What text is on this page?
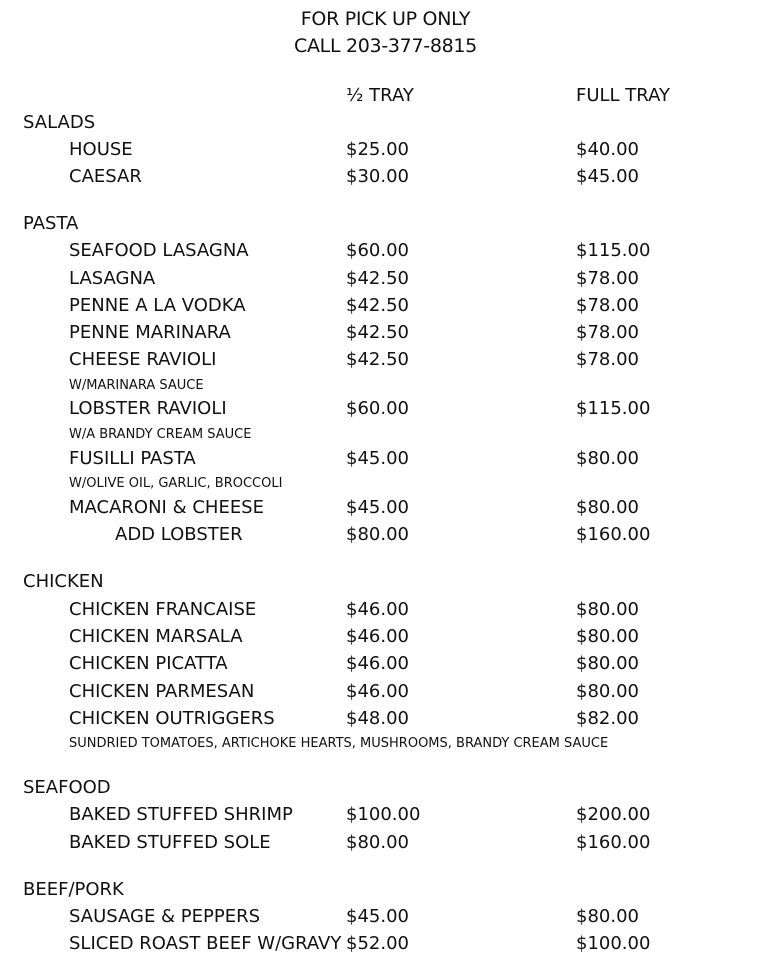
FOR PICK UP ONLY
CALL 203-377-8815
½ TRAY	FULL TRAY
SALADS
HOUSE	$25.00	$40.00
CAESAR	$30.00	$45.00
PASTA
SEAFOOD LASAGNA	$60.00	$115.00
LASAGNA	$42.50	$78.00
PENNE A LA VODKA	$42.50	$78.00
PENNE MARINARA	$42.50	$78.00
CHEESE RAVIOLI	$42.50	$78.00
W/MARINARA SAUCE
LOBSTER RAVIOLI	$60.00	$115.00
W/A BRANDY CREAM SAUCE
FUSILLI PASTA	$45.00	$80.00
W/OLIVE OIL, GARLIC, BROCCOLI
MACARONI & CHEESE	$45.00	$80.00
ADD LOBSTER	$80.00	$160.00
CHICKEN
CHICKEN FRANCAISE	$46.00	$80.00
CHICKEN MARSALA	$46.00	$80.00
CHICKEN PICATTA	$46.00	$80.00
CHICKEN PARMESAN	$46.00	$80.00
CHICKEN OUTRIGGERS	$48.00	$82.00
SUNDRIED TOMATOES, ARTICHOKE HEARTS, MUSHROOMS, BRANDY CREAM SAUCE
SEAFOOD
BAKED STUFFED SHRIMP	$100.00	$200.00
BAKED STUFFED SOLE	$80.00	$160.00
BEEF/PORK
SAUSAGE & PEPPERS	$45.00	$80.00
SLICED ROAST BEEF W/GRAVY $52.00	$100.00
